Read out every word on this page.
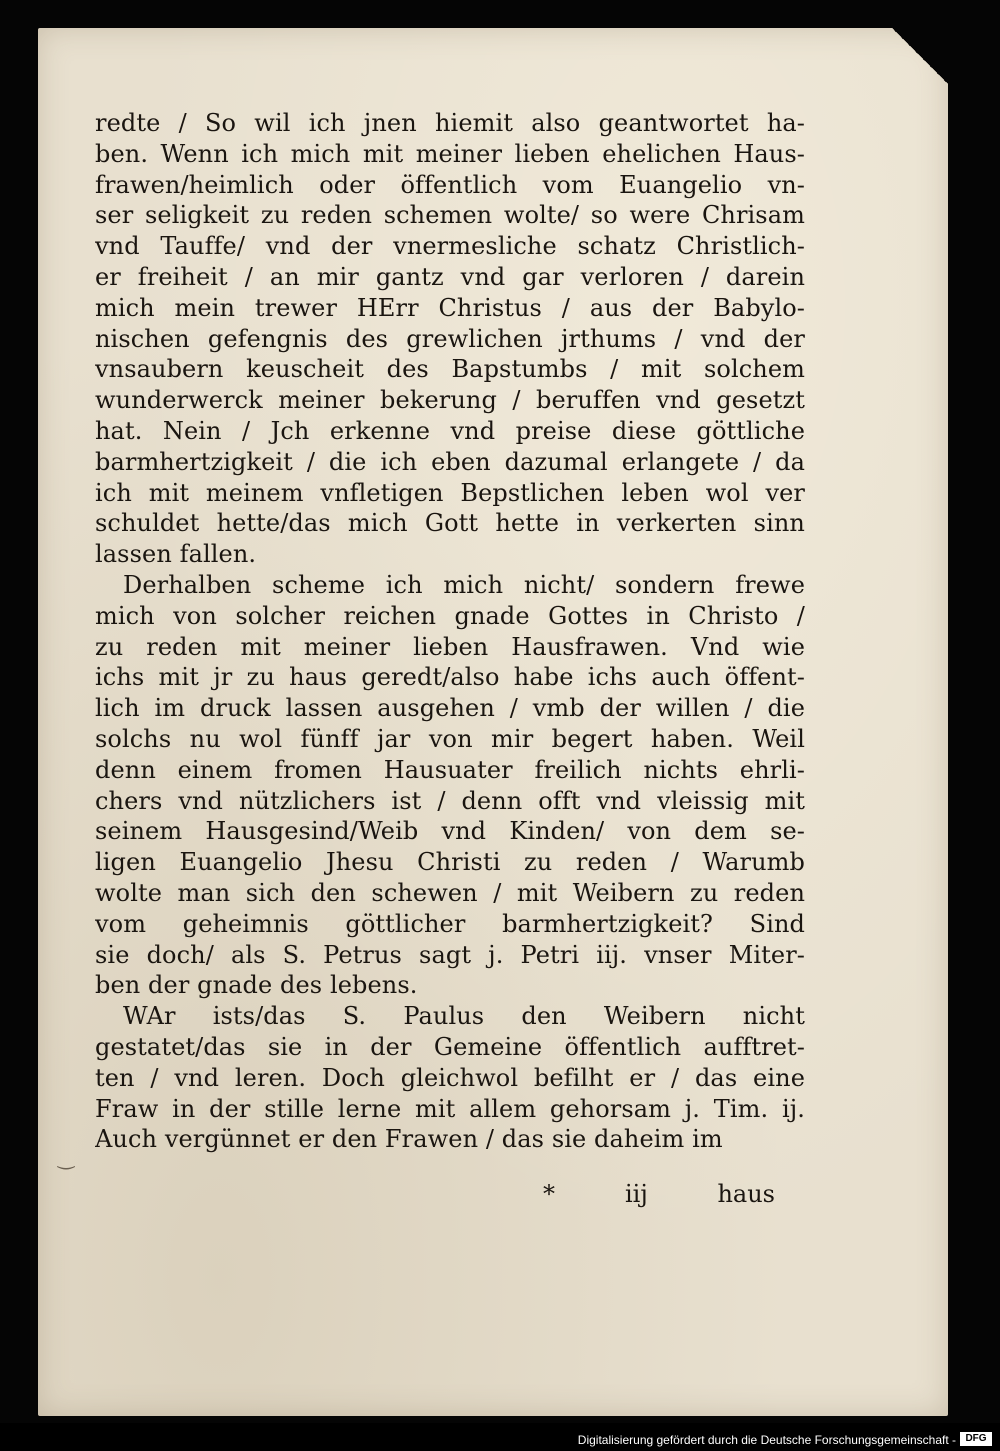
‿
redte / So wil ich jnen hiemit also geantwortet ha-
ben. Wenn ich mich mit meiner lieben ehelichen Haus-
frawen/heimlich oder öffentlich vom Euangelio vn-
ser seligkeit zu reden schemen wolte/ so were Chrisam
vnd Tauffe/ vnd der vnermesliche schatz Christlich-
er freiheit / an mir gantz vnd gar verloren / darein
mich mein trewer HErr Christus / aus der Babylo-
nischen gefengnis des grewlichen jrthums / vnd der
vnsaubern keuscheit des Bapstumbs / mit solchem
wunderwerck meiner bekerung / beruffen vnd gesetzt
hat. Nein / Jch erkenne vnd preise diese göttliche
barmhertzigkeit / die ich eben dazumal erlangete / da
ich mit meinem vnfletigen Bepstlichen leben wol ver
schuldet hette/das mich Gott hette in verkerten sinn
lassen fallen.
Derhalben scheme ich mich nicht/ sondern frewe
mich von solcher reichen gnade Gottes in Christo /
zu reden mit meiner lieben Hausfrawen. Vnd wie
ichs mit jr zu haus geredt/also habe ichs auch öffent-
lich im druck lassen ausgehen / vmb der willen / die
solchs nu wol fünff jar von mir begert haben. Weil
denn einem fromen Hausuater freilich nichts ehrli-
chers vnd nützlichers ist / denn offt vnd vleissig mit
seinem Hausgesind/Weib vnd Kinden/ von dem se-
ligen Euangelio Jhesu Christi zu reden / Warumb
wolte man sich den schewen / mit Weibern zu reden
vom geheimnis göttlicher barmhertzigkeit? Sind
sie doch/ als S. Petrus sagt j. Petri iij. vnser Miter-
ben der gnade des lebens.
WAr ists/das S. Paulus den Weibern nicht
gestatet/das sie in der Gemeine öffentlich aufftret-
ten / vnd leren. Doch gleichwol befilht er / das eine
Fraw in der stille lerne mit allem gehorsam j. Tim. ij.
Auch vergünnet er den Frawen / das sie daheim im
*	iij	haus
Digitalisierung gefördert durch die Deutsche Forschungsgemeinschaft - DFG
